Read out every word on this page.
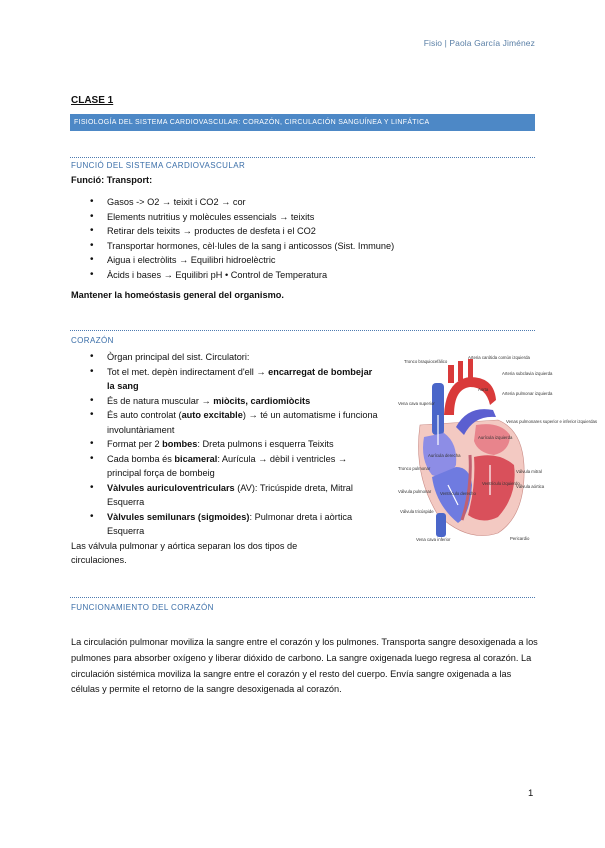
Fisio | Paola García Jiménez
CLASE 1
FISIOLOGÍA DEL SISTEMA CARDIOVASCULAR: CORAZÓN, CIRCULACIÓN SANGUÍNEA Y LINFÁTICA
FUNCIÓ DEL SISTEMA CARDIOVASCULAR
Funció: Transport:
• Gasos -> O2 → teixit i CO2 → cor
• Elements nutritius y molècules essencials → teixits
• Retirar dels teixits → productes de desfeta i el CO2
• Transportar hormones, cèl·lules de la sang i anticossos (Sist. Immune)
• Aigua i electròlits → Equilibri hidroelèctric
• Àcids i bases → Equilibri pH • Control de Temperatura
Mantener la homeóstasis general del organismo.
CORAZÓN
• Òrgan principal del sist. Circulatori:
• Tot el met. depèn indirectament d'ell → encarregat de bombejar la sang
• És de natura muscular → miòcits, cardiomiòcits
• És auto controlat (auto excitable) → té un automatisme i funciona involuntàriament
• Format per 2 bombes: Dreta pulmons i esquerra Teixits
• Cada bomba és bicameral: Aurícula → dèbil i ventricles → principal força de bombeig
• Vàlvules auriculoventriculars (AV): Tricúspide dreta, Mitral Esquerra
• Vàlvules semilunars (sigmoides): Pulmonar dreta i aòrtica Esquerra
Las válvula pulmonar y aórtica separan los dos tipos de circulaciones.
Tronco braquiocefálico
Arteria carótida común izquierda
Arteria subclavia izquierda
Aorta
Arteria pulmonar izquierda
Vena cava superior
Venas pulmonares superior e inferior izquierdas
Aurícula izquierda
Aurícula derecha
Tronco pulmonar
Válvula mitral
Válvula aórtica
Válvula pulmonar
Válvula tricúspide
Ventrículo izquierdo
Ventrículo derecho
Vena cava inferior	Pericardio
FUNCIONAMIENTO DEL CORAZÓN
La circulación pulmonar moviliza la sangre entre el corazón y los pulmones. Transporta sangre desoxigenada a los pulmones para absorber oxígeno y liberar dióxido de carbono. La sangre oxigenada luego regresa al corazón. La circulación sistémica moviliza la sangre entre el corazón y el resto del cuerpo. Envía sangre oxigenada a las células y permite el retorno de la sangre desoxigenada al corazón.
1
